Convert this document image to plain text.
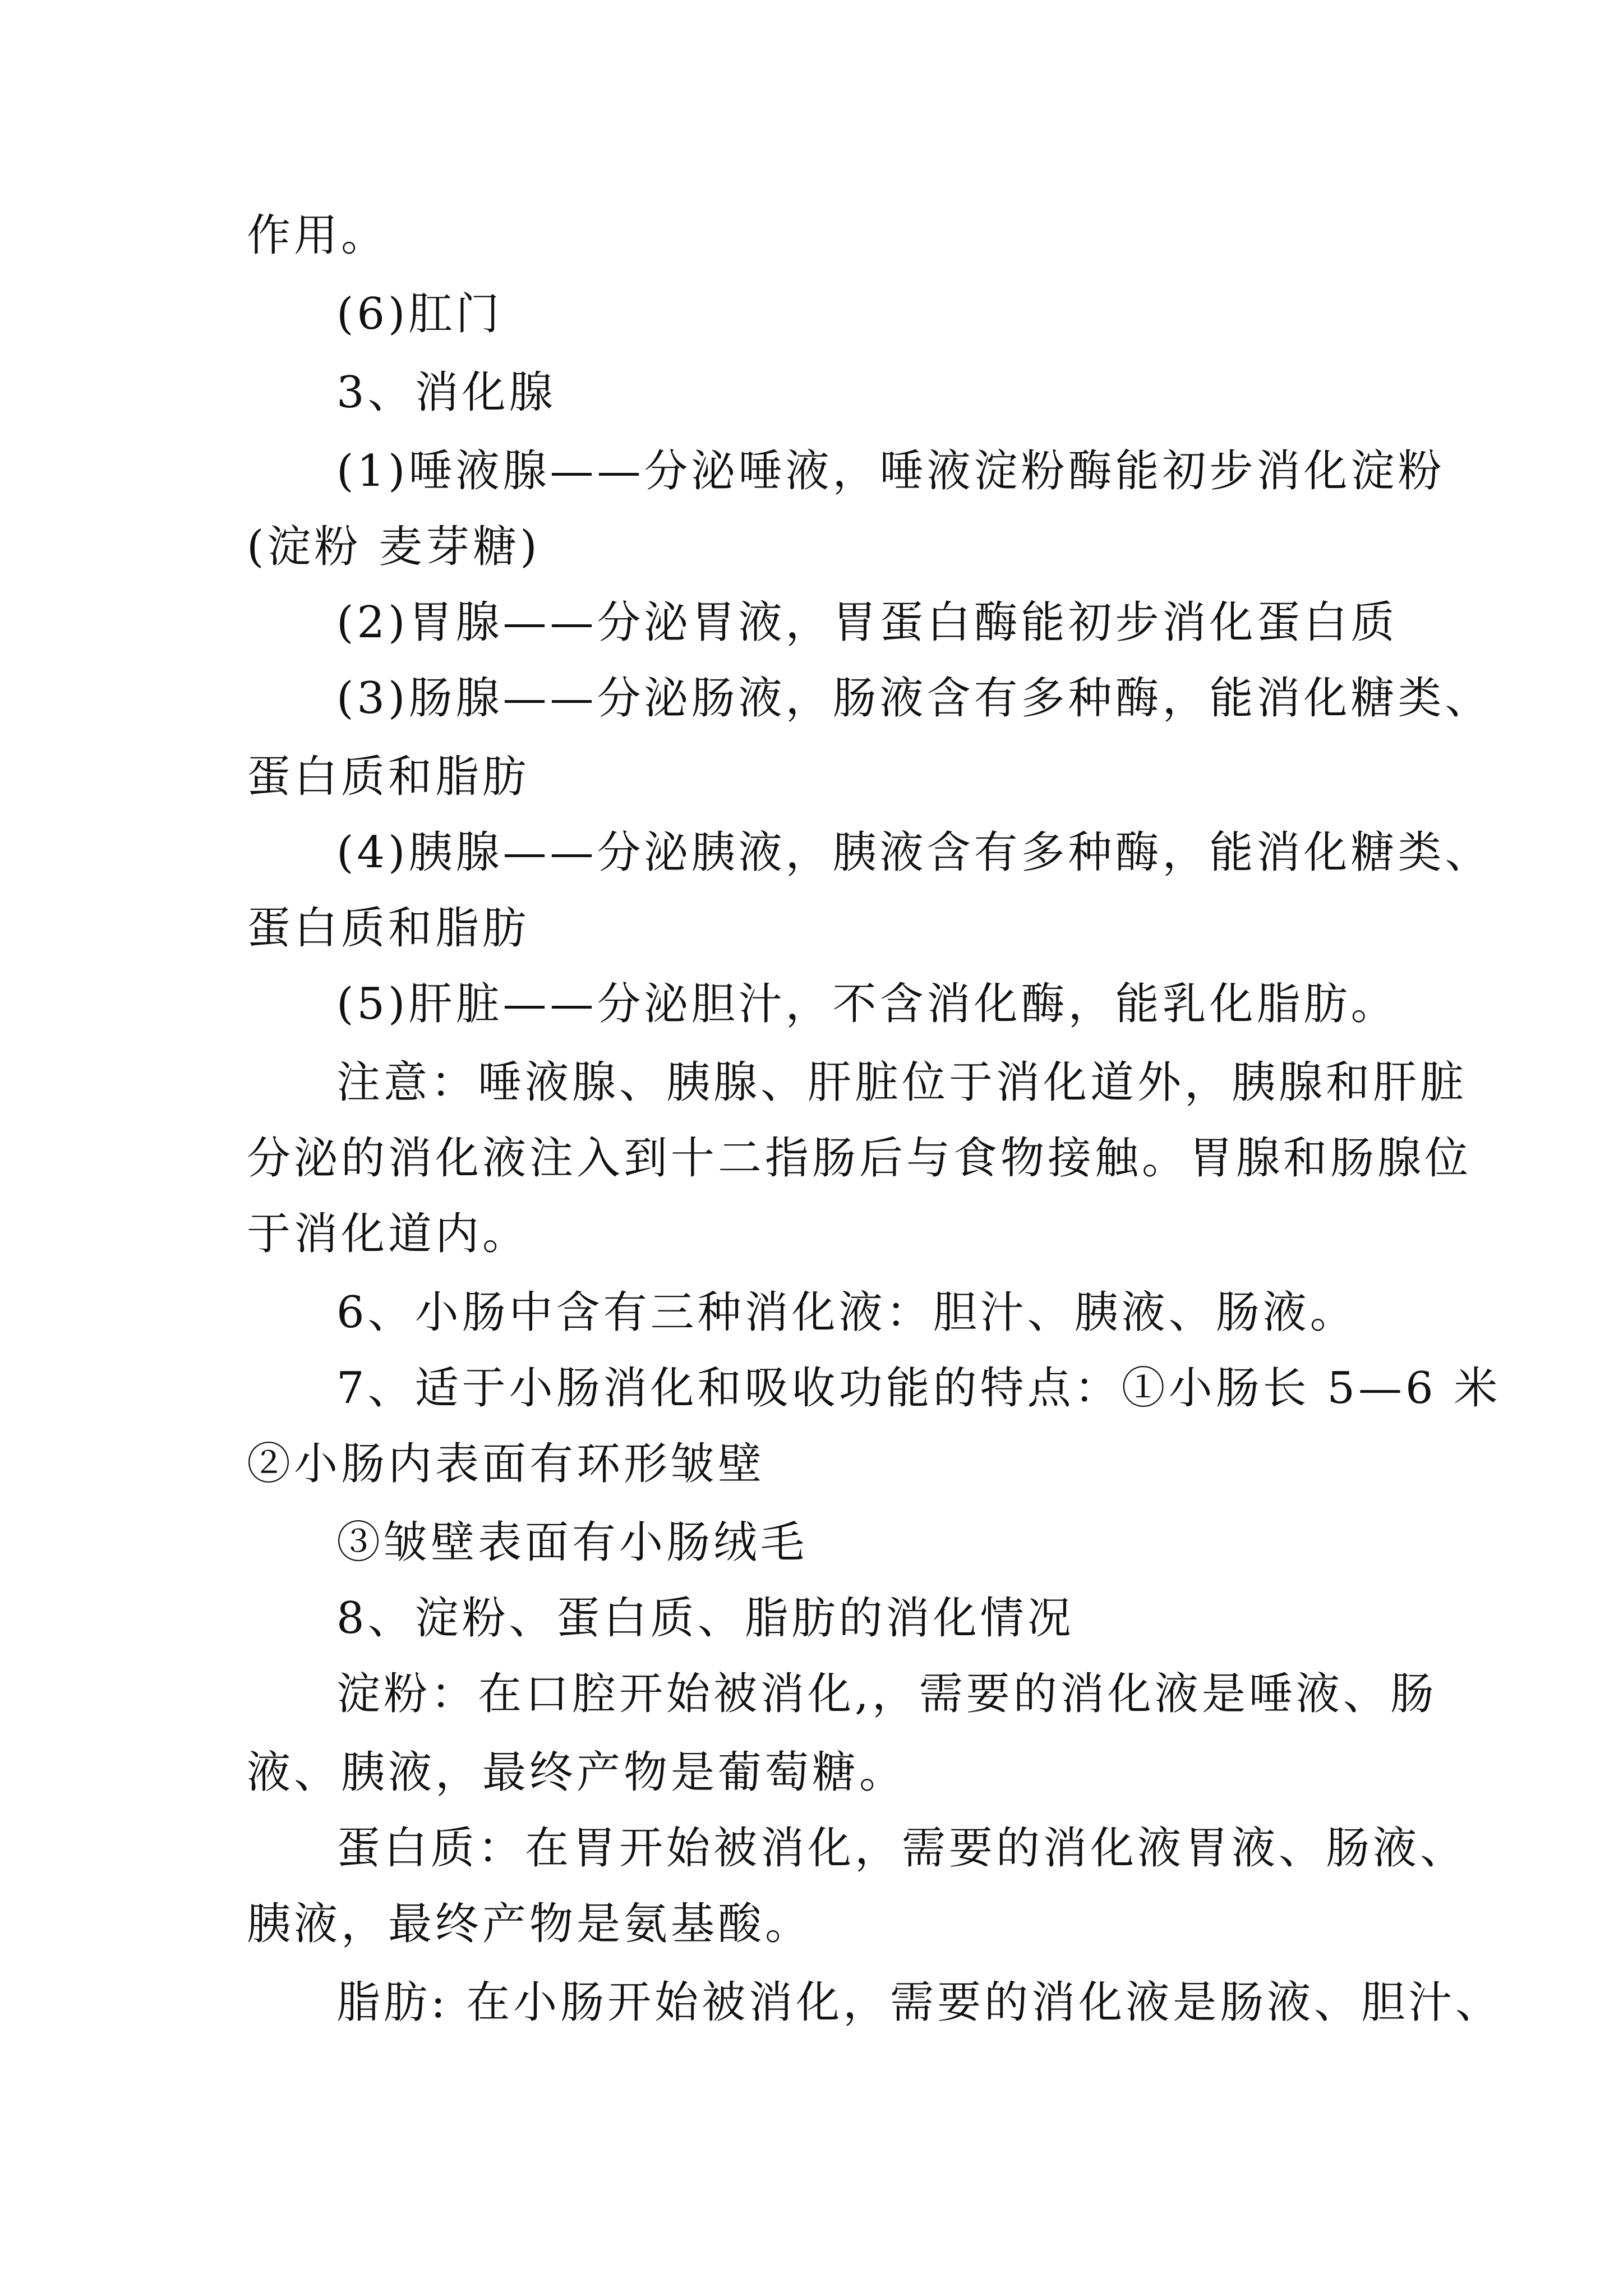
作用。
(6)肛门
3、消化腺
(1)唾液腺——分泌唾液，唾液淀粉酶能初步消化淀粉
(淀粉 麦芽糖)
(2)胃腺——分泌胃液，胃蛋白酶能初步消化蛋白质
(3)肠腺——分泌肠液，肠液含有多种酶，能消化糖类、
蛋白质和脂肪
(4)胰腺——分泌胰液，胰液含有多种酶，能消化糖类、
蛋白质和脂肪
(5)肝脏——分泌胆汁，不含消化酶，能乳化脂肪。
注意：唾液腺、胰腺、肝脏位于消化道外，胰腺和肝脏
分泌的消化液注入到十二指肠后与食物接触。胃腺和肠腺位
于消化道内。
6、小肠中含有三种消化液：胆汁、胰液、肠液。
7、适于小肠消化和吸收功能的特点：①小肠长 5—6 米
②小肠内表面有环形皱壁
③皱壁表面有小肠绒毛
8、淀粉、蛋白质、脂肪的消化情况
淀粉：在口腔开始被消化,，需要的消化液是唾液、肠
液、胰液，最终产物是葡萄糖。
蛋白质：在胃开始被消化，需要的消化液胃液、肠液、
胰液，最终产物是氨基酸。
脂肪: 在小肠开始被消化，需要的消化液是肠液、胆汁、
